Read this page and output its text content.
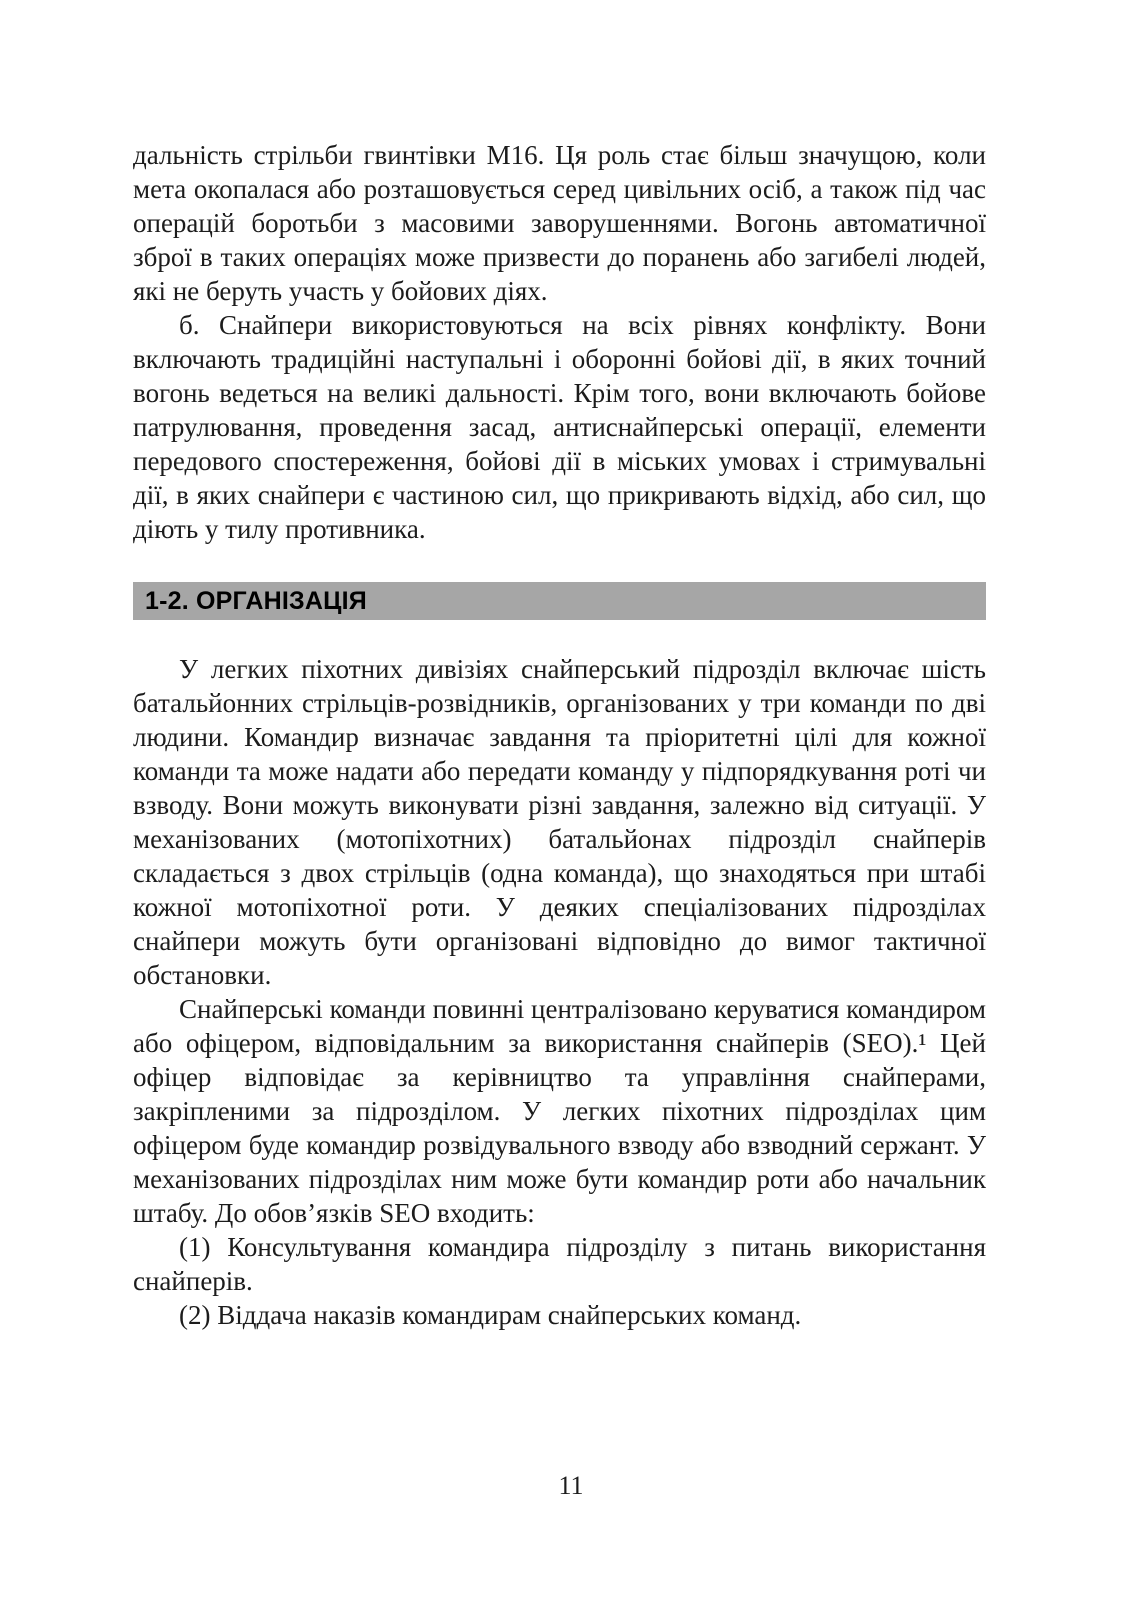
дальність стрільби гвинтівки М16. Ця роль стає більш значущою, коли мета окопалася або розташовується серед цивільних осіб, а також під час операцій боротьби з масовими заворушеннями. Вогонь автоматичної зброї в таких операціях може призвести до поранень або загибелі людей, які не беруть участь у бойових діях.

б. Снайпери використовуються на всіх рівнях конфлікту. Вони включають традиційні наступальні і оборонні бойові дії, в яких точний вогонь ведеться на великі дальності. Крім того, вони включають бойове патрулювання, проведення засад, антиснайперські операції, елементи передового спостереження, бойові дії в міських умовах і стримувальні дії, в яких снайпери є частиною сил, що прикривають відхід, або сил, що діють у тилу противника.

1-2. ОРГАНІЗАЦІЯ

У легких піхотних дивізіях снайперський підрозділ включає шість батальйонних стрільців-розвідників, організованих у три команди по дві людини. Командир визначає завдання та пріоритетні цілі для кожної команди та може надати або передати команду у підпорядкування роті чи взводу. Вони можуть виконувати різні завдання, залежно від ситуації. У механізованих (мотопіхотних) батальйонах підрозділ снайперів складається з двох стрільців (одна команда), що знаходяться при штабі кожної мотопіхотної роти. У деяких спеціалізованих підрозділах снайпери можуть бути організовані відповідно до вимог тактичної обстановки.

Снайперські команди повинні централізовано керуватися командиром або офіцером, відповідальним за використання снайперів (SEO).¹ Цей офіцер відповідає за керівництво та управління снайперами, закріпленими за підрозділом. У легких піхотних підрозділах цим офіцером буде командир розвідувального взводу або взводний сержант. У механізованих підрозділах ним може бути командир роти або начальник штабу. До обов’язків SEO входить:

(1) Консультування командира підрозділу з питань використання снайперів.

(2) Віддача наказів командирам снайперських команд.

11
